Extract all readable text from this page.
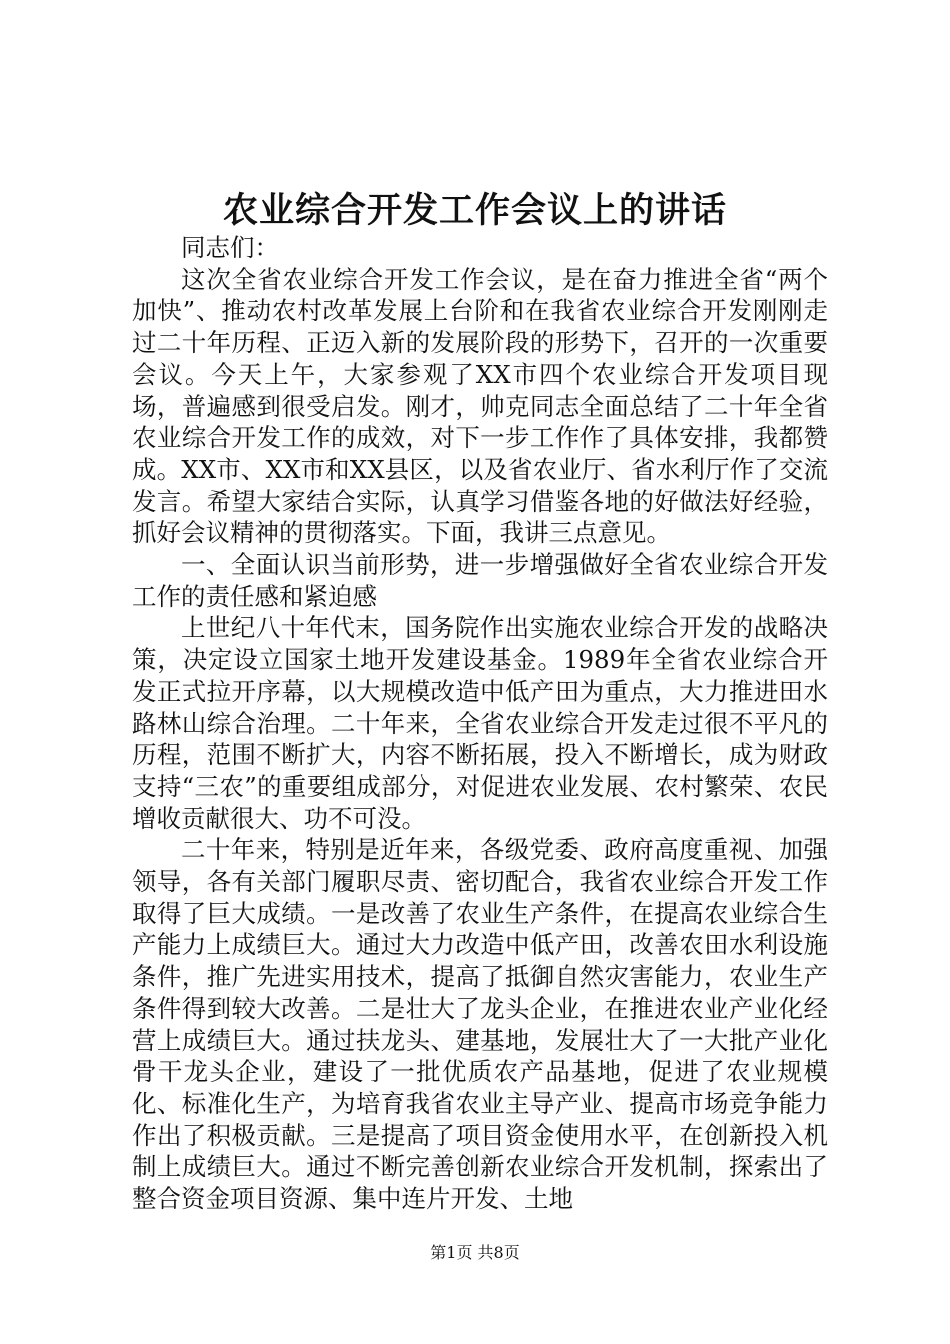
农业综合开发工作会议上的讲话

同志们：

这次全省农业综合开发工作会议，是在奋力推进全省“两个加快”、推动农村改革发展上台阶和在我省农业综合开发刚刚走过二十年历程、正迈入新的发展阶段的形势下，召开的一次重要会议。今天上午，大家参观了XX市四个农业综合开发项目现场，普遍感到很受启发。刚才，帅克同志全面总结了二十年全省农业综合开发工作的成效，对下一步工作作了具体安排，我都赞成。XX市、XX市和XX县区，以及省农业厅、省水利厅作了交流发言。希望大家结合实际，认真学习借鉴各地的好做法好经验，抓好会议精神的贯彻落实。下面，我讲三点意见。

一、全面认识当前形势，进一步增强做好全省农业综合开发工作的责任感和紧迫感

上世纪八十年代末，国务院作出实施农业综合开发的战略决策，决定设立国家土地开发建设基金。1989年全省农业综合开发正式拉开序幕，以大规模改造中低产田为重点，大力推进田水路林山综合治理。二十年来，全省农业综合开发走过很不平凡的历程，范围不断扩大，内容不断拓展，投入不断增长，成为财政支持“三农”的重要组成部分，对促进农业发展、农村繁荣、农民增收贡献很大、功不可没。

二十年来，特别是近年来，各级党委、政府高度重视、加强领导，各有关部门履职尽责、密切配合，我省农业综合开发工作取得了巨大成绩。一是改善了农业生产条件，在提高农业综合生产能力上成绩巨大。通过大力改造中低产田，改善农田水利设施条件，推广先进实用技术，提高了抵御自然灾害能力，农业生产条件得到较大改善。二是壮大了龙头企业，在推进农业产业化经营上成绩巨大。通过扶龙头、建基地，发展壮大了一大批产业化骨干龙头企业，建设了一批优质农产品基地，促进了农业规模化、标准化生产，为培育我省农业主导产业、提高市场竞争能力作出了积极贡献。三是提高了项目资金使用水平，在创新投入机制上成绩巨大。通过不断完善创新农业综合开发机制，探索出了整合资金项目资源、集中连片开发、土地

第1页 共8页
